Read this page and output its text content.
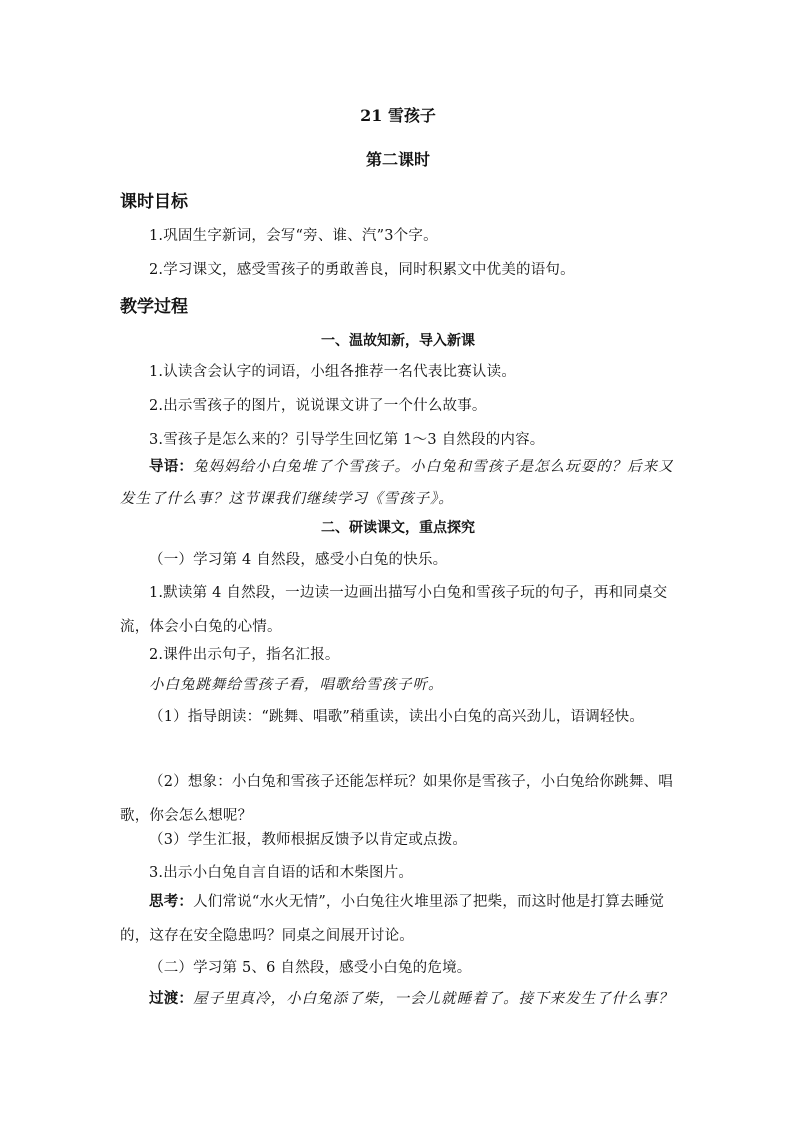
21 雪孩子
第二课时
课时目标
1.巩固生字新词，会写“旁、谁、汽”3个字。
2.学习课文，感受雪孩子的勇敢善良，同时积累文中优美的语句。
教学过程
一、温故知新，导入新课
1.认读含会认字的词语，小组各推荐一名代表比赛认读。
2.出示雪孩子的图片，说说课文讲了一个什么故事。
3.雪孩子是怎么来的？引导学生回忆第 1～3 自然段的内容。
导语：兔妈妈给小白兔堆了个雪孩子。小白兔和雪孩子是怎么玩耍的？后来又发生了什么事？这节课我们继续学习《雪孩子》。
二、研读课文，重点探究
（一）学习第 4 自然段，感受小白兔的快乐。
1.默读第 4 自然段，一边读一边画出描写小白兔和雪孩子玩的句子，再和同桌交流，体会小白兔的心情。
2.课件出示句子，指名汇报。
小白兔跳舞给雪孩子看，唱歌给雪孩子听。
（1）指导朗读：“跳舞、唱歌”稍重读，读出小白兔的高兴劲儿，语调轻快。
（2）想象：小白兔和雪孩子还能怎样玩？如果你是雪孩子，小白兔给你跳舞、唱歌，你会怎么想呢？
（3）学生汇报，教师根据反馈予以肯定或点拨。
3.出示小白兔自言自语的话和木柴图片。
思考：人们常说“水火无情”，小白兔往火堆里添了把柴，而这时他是打算去睡觉的，这存在安全隐患吗？同桌之间展开讨论。
（二）学习第 5、6 自然段，感受小白兔的危境。
过渡：屋子里真冷，小白兔添了柴，一会儿就睡着了。接下来发生了什么事？
